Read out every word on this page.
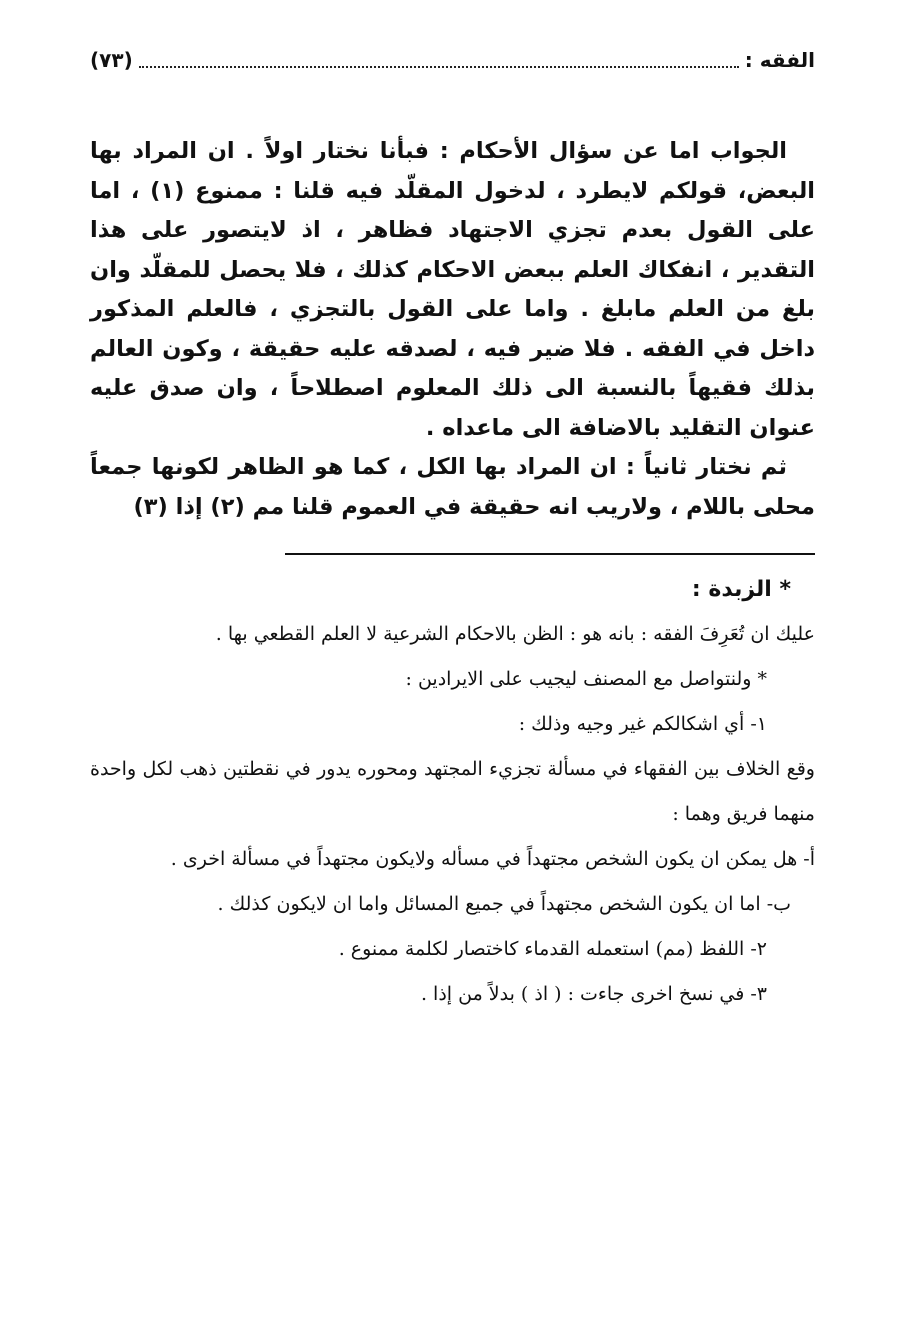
الفقه :
(٧٣)

الجواب اما عن سؤال الأحكام : فبأنا نختار اولاً . ان المراد بها البعض، قولكم لايطرد ، لدخول المقلّد فيه قلنا : ممنوع (١) ، اما على القول بعدم تجزي الاجتهاد فظاهر ، اذ لايتصور على هذا التقدير ، انفكاك العلم ببعض الاحكام كذلك ، فلا يحصل للمقلّد وان بلغ من العلم مابلغ . واما على القول بالتجزي ، فالعلم المذكور داخل في الفقه . فلا ضير فيه ، لصدقه عليه حقيقة ، وكون العالم بذلك فقيهاً بالنسبة الى ذلك المعلوم اصطلاحاً ، وان صدق عليه عنوان التقليد بالاضافة الى ماعداه .

ثم نختار ثانياً : ان المراد بها الكل ، كما هو الظاهر لكونها جمعاً محلى باللام ، ولاريب انه حقيقة في العموم قلنا مم (٢) إذا (٣)

* الزبدة :

عليك ان تُعَرِفَ الفقه : بانه هو : الظن بالاحكام الشرعية لا العلم القطعي بها .

* ولنتواصل مع المصنف ليجيب على الايرادين :

١- أي اشكالكم غير وجيه وذلك :

وقع الخلاف بين الفقهاء في مسألة تجزيء المجتهد ومحوره يدور في نقطتين ذهب لكل واحدة منهما فريق وهما :

أ- هل يمكن ان يكون الشخص مجتهداً في مسأله ولايكون مجتهداً في مسألة اخرى .

ب- اما ان يكون الشخص مجتهداً في جميع المسائل واما ان لايكون كذلك .

٢- اللفظ (مم) استعمله القدماء كاختصار لكلمة ممنوع .

٣- في نسخ اخرى جاءت : ( اذ ) بدلاً من إذا .
